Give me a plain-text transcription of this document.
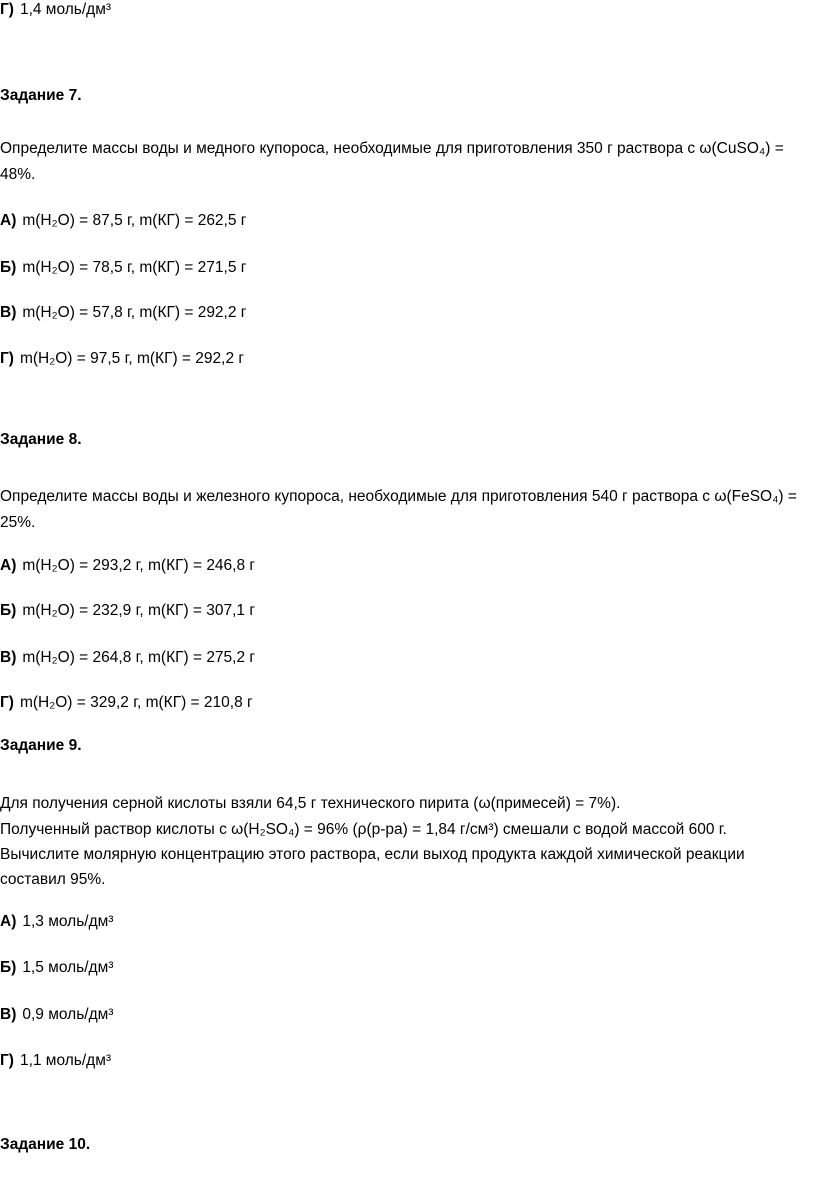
Г) 1,4 моль/дм³
Задание 7.
Определите массы воды и медного купороса, необходимые для приготовления 350 г раствора с ω(CuSO₄) = 48%.
А) m(H₂O) = 87,5 г, m(КГ) = 262,5 г
Б) m(H₂O) = 78,5 г, m(КГ) = 271,5 г
В) m(H₂O) = 57,8 г, m(КГ) = 292,2 г
Г) m(H₂O) = 97,5 г, m(КГ) = 292,2 г
Задание 8.
Определите массы воды и железного купороса, необходимые для приготовления 540 г раствора с ω(FeSO₄) = 25%.
А) m(H₂O) = 293,2 г, m(КГ) = 246,8 г
Б) m(H₂O) = 232,9 г, m(КГ) = 307,1 г
В) m(H₂O) = 264,8 г, m(КГ) = 275,2 г
Г) m(H₂O) = 329,2 г, m(КГ) = 210,8 г
Задание 9.
Для получения серной кислоты взяли 64,5 г технического пирита (ω(примесей) = 7%).
Полученный раствор кислоты с ω(H₂SO₄) = 96% (ρ(р-ра) = 1,84 г/см³) смешали с водой массой 600 г. Вычислите молярную концентрацию этого раствора, если выход продукта каждой химической реакции составил 95%.
А) 1,3 моль/дм³
Б) 1,5 моль/дм³
В) 0,9 моль/дм³
Г) 1,1 моль/дм³
Задание 10.
